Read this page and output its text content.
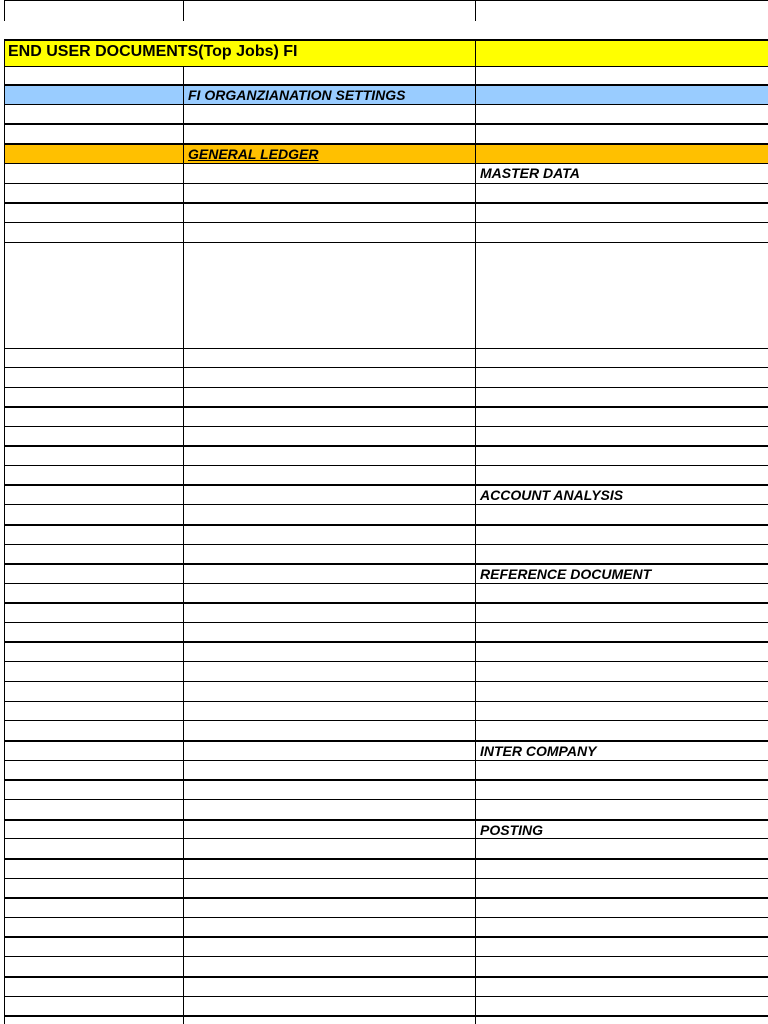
END USER DOCUMENTS(Top Jobs) FI
FI ORGANZIANATION SETTINGS
GENERAL LEDGER
MASTER DATA
ACCOUNT ANALYSIS
REFERENCE DOCUMENT
INTER COMPANY
POSTING
